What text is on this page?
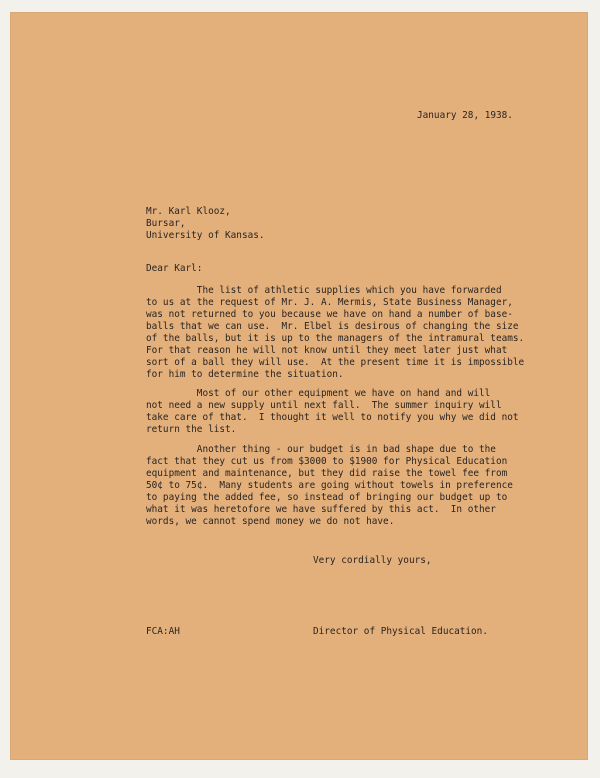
January 28, 1938.

Mr. Karl Klooz,
Bursar,
University of Kansas.

Dear Karl:

The list of athletic supplies which you have forwarded
to us at the request of Mr. J. A. Mermis, State Business Manager,
was not returned to you because we have on hand a number of base-
balls that we can use.  Mr. Elbel is desirous of changing the size
of the balls, but it is up to the managers of the intramural teams.
For that reason he will not know until they meet later just what
sort of a ball they will use.  At the present time it is impossible
for him to determine the situation.
Most of our other equipment we have on hand and will
not need a new supply until next fall.  The summer inquiry will
take care of that.  I thought it well to notify you why we did not
return the list.
Another thing - our budget is in bad shape due to the
fact that they cut us from $3000 to $1900 for Physical Education
equipment and maintenance, but they did raise the towel fee from
50¢ to 75¢.  Many students are going without towels in preference
to paying the added fee, so instead of bringing our budget up to
what it was heretofore we have suffered by this act.  In other
words, we cannot spend money we do not have.

Very cordially yours,

FCA:AH	Director of Physical Education.
